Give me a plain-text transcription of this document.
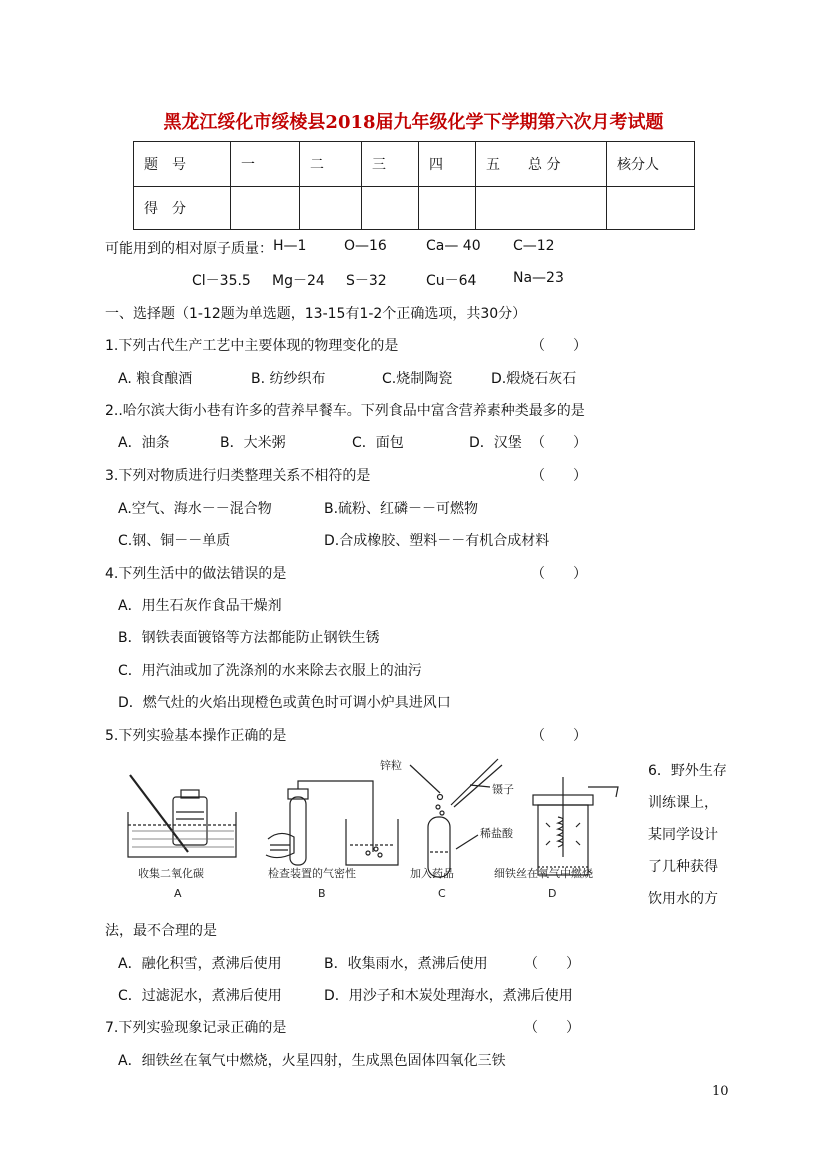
黑龙江绥化市绥棱县2018届九年级化学下学期第六次月考试题
题　号	一	二	三	四	五　　总 分	核分人
得　分						
可能用到的相对原子质量： H—1	O—16	Ca— 40 C—12
Cl－35.5 Mg－24 S－32	Cu－64	Na—23
一、选择题（1-12题为单选题，13-15有1-2个正确选项，共30分）
1.下列古代生产工艺中主要体现的物理变化的是	（　　）
A. 粮食酿酒	B. 纺纱织布	C.烧制陶瓷	D.煅烧石灰石
2..哈尔滨大街小巷有许多的营养早餐车。下列食品中富含营养素种类最多的是
A．油条	B．大米粥	C．面包	D．汉堡 （　　）
3.下列对物质进行归类整理关系不相符的是	（　　）
A.空气、海水－－混合物	B.硫粉、红磷－－可燃物
C.钢、铜－－单质	D.合成橡胶、塑料－－有机合成材料
4.下列生活中的做法错误的是	（　　）
A．用生石灰作食品干燥剂
B．钢铁表面镀铬等方法都能防止钢铁生锈
C．用汽油或加了洗涤剂的水来除去衣服上的油污
D．燃气灶的火焰出现橙色或黄色时可调小炉具进风口
5.下列实验基本操作正确的是	（　　）
收集二氧化碳	检查装置的气密性	加入药品	细铁丝在氧气中燃烧
A	B	C	D
锌粒
镊子
稀盐酸
6．野外生存
训练课上，
某同学设计
了几种获得
饮用水的方
法，最不合理的是
A．融化积雪，煮沸后使用	B．收集雨水，煮沸后使用	（　　）
C．过滤泥水，煮沸后使用	D．用沙子和木炭处理海水，煮沸后使用
7.下列实验现象记录正确的是	（　　）
A．细铁丝在氧气中燃烧，火星四射，生成黑色固体四氧化三铁
10
